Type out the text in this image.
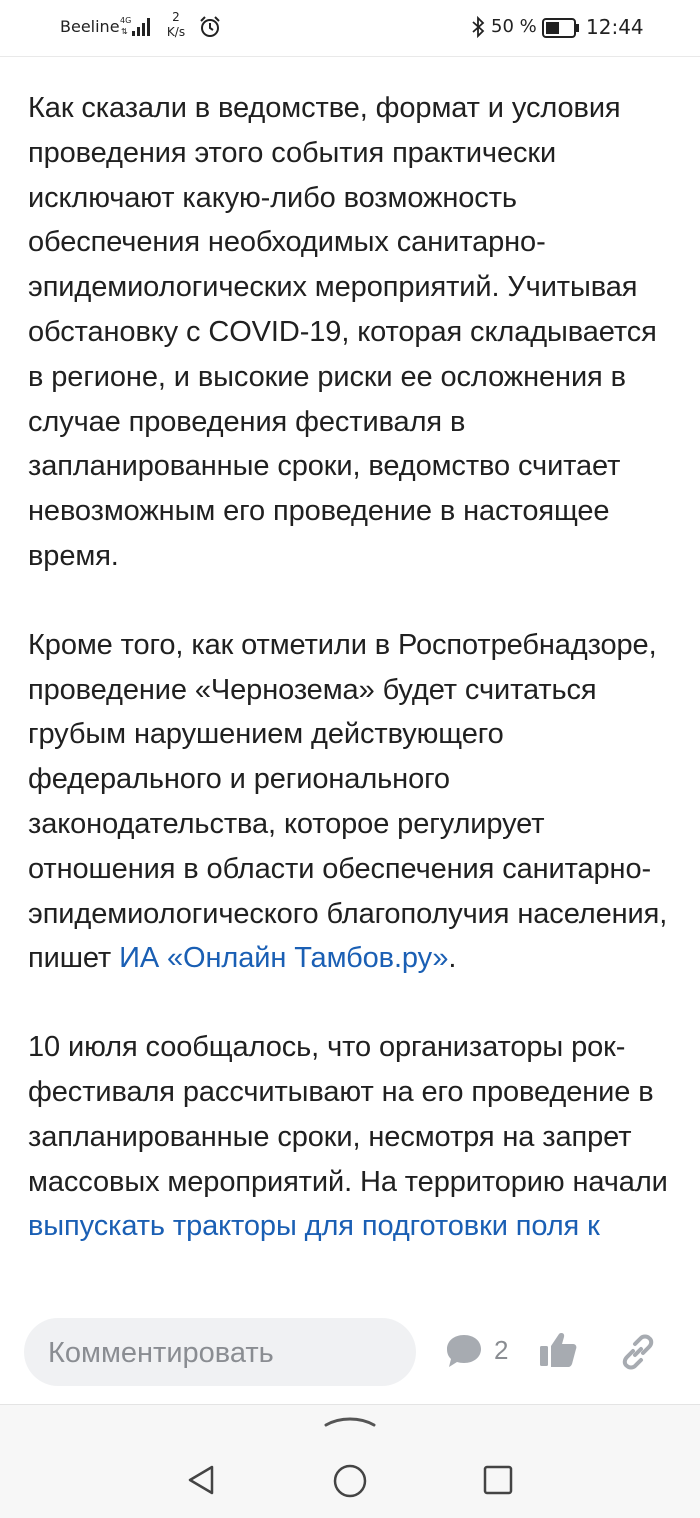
Beeline 4G
⇅
2
K/s	50 % 12:44

Как сказали в ведомстве, формат и условия проведения этого события практически исключают какую-либо возможность обеспечения необходимых санитарно-эпидемиологических мероприятий. Учитывая обстановку с COVID-19, которая складывается в регионе, и высокие риски ее осложнения в случае проведения фестиваля в запланированные сроки, ведомство считает невозможным его проведение в настоящее время.

Кроме того, как отметили в Роспотребнадзоре, проведение «Чернозема» будет считаться грубым нарушением действующего федерального и регионального законодательства, которое регулирует отношения в области обеспечения санитарно-эпидемиологического благополучия населения, пишет ИА «Онлайн Тамбов.ру».

10 июля сообщалось, что организаторы рок-фестиваля рассчитывают на его проведение в запланированные сроки, несмотря на запрет массовых мероприятий. На территорию начали выпускать тракторы для подготовки поля к

Комментировать	2
